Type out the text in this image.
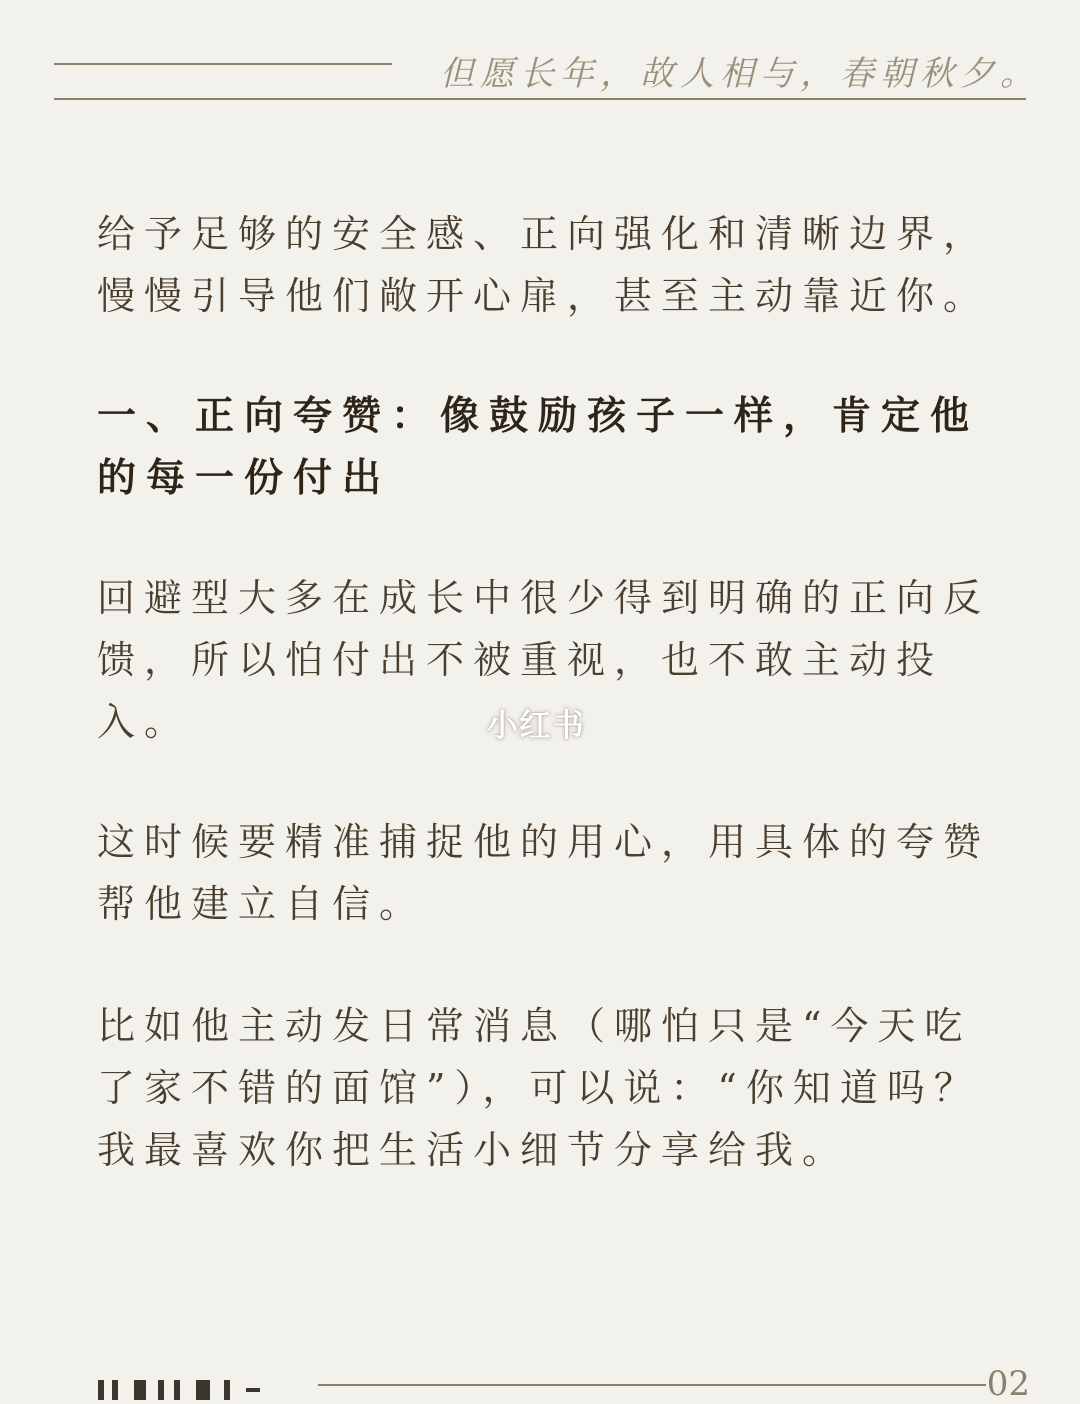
但愿长年，故人相与，春朝秋夕。

给予足够的安全感、正向强化和清晰边界，慢慢引导他们敞开心扉，甚至主动靠近你。

一、正向夸赞：像鼓励孩子一样，肯定他的每一份付出

回避型大多在成长中很少得到明确的正向反馈，所以怕付出不被重视，也不敢主动投入。

这时候要精准捕捉他的用心，用具体的夸赞帮他建立自信。

比如他主动发日常消息（哪怕只是“今天吃了家不错的面馆”），可以说：“你知道吗？我最喜欢你把生活小细节分享给我。

小红书
02
